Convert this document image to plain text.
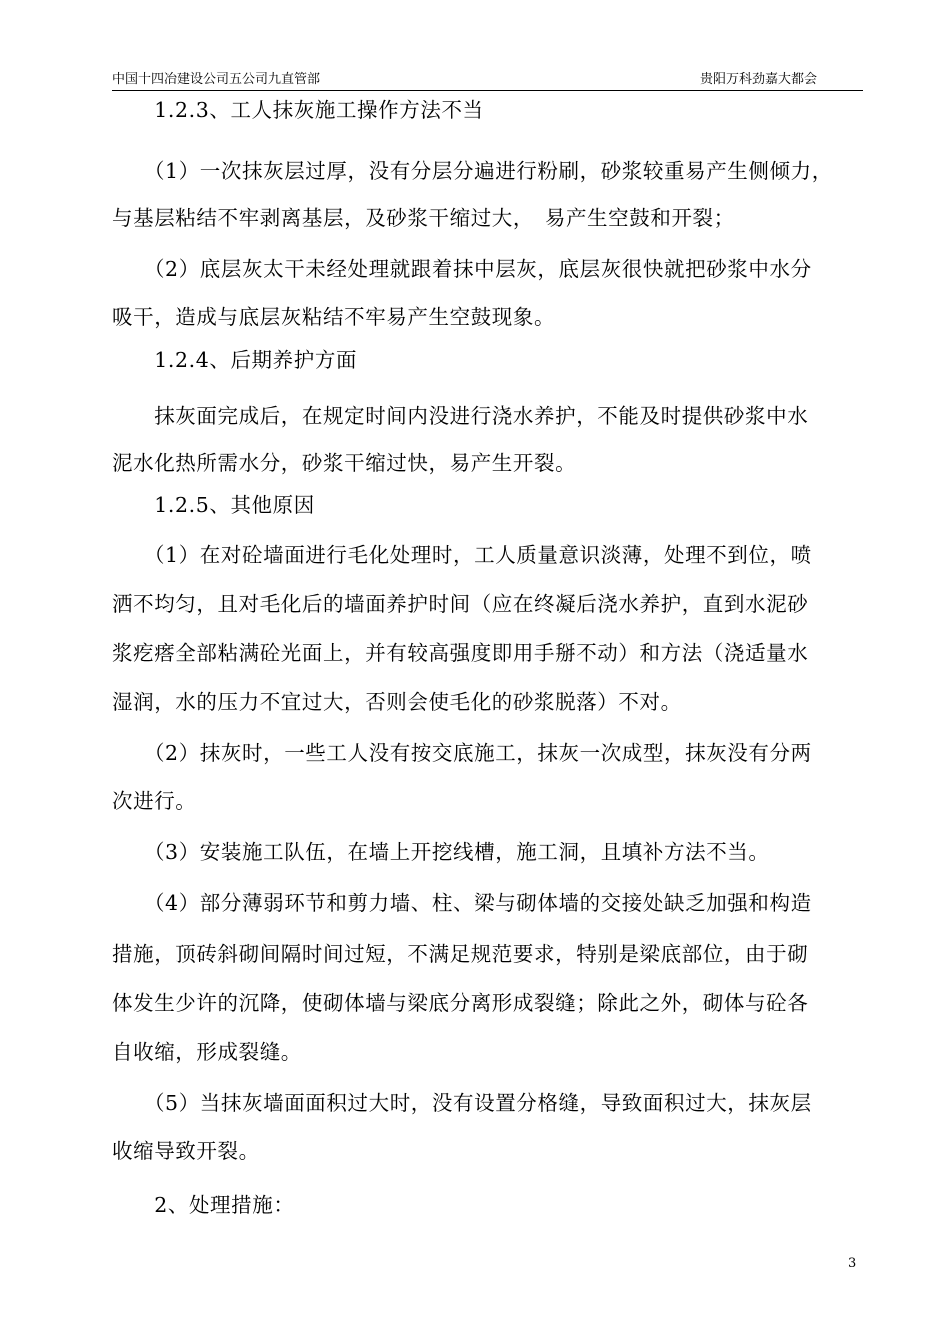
中国十四冶建设公司五公司九直管部	贵阳万科劲嘉大都会
　　1.2.3、工人抹灰施工操作方法不当
　　（1）一次抹灰层过厚，没有分层分遍进行粉刷，砂浆较重易产生侧倾力，
与基层粘结不牢剥离基层，及砂浆干缩过大，　易产生空鼓和开裂；
　　（2）底层灰太干未经处理就跟着抹中层灰，底层灰很快就把砂浆中水分
吸干，造成与底层灰粘结不牢易产生空鼓现象。
　　1.2.4、后期养护方面
　　抹灰面完成后，在规定时间内没进行浇水养护，不能及时提供砂浆中水
泥水化热所需水分，砂浆干缩过快，易产生开裂。
　　1.2.5、其他原因
　　（1）在对砼墙面进行毛化处理时，工人质量意识淡薄，处理不到位，喷
洒不均匀，且对毛化后的墙面养护时间（应在终凝后浇水养护，直到水泥砂
浆疙瘩全部粘满砼光面上，并有较高强度即用手掰不动）和方法（浇适量水
湿润，水的压力不宜过大，否则会使毛化的砂浆脱落）不对。
　　（2）抹灰时，一些工人没有按交底施工，抹灰一次成型，抹灰没有分两
次进行。
　　（3）安装施工队伍，在墙上开挖线槽，施工洞，且填补方法不当。
　　（4）部分薄弱环节和剪力墙、柱、梁与砌体墙的交接处缺乏加强和构造
措施，顶砖斜砌间隔时间过短，不满足规范要求，特别是梁底部位，由于砌
体发生少许的沉降，使砌体墙与梁底分离形成裂缝；除此之外，砌体与砼各
自收缩，形成裂缝。
　　（5）当抹灰墙面面积过大时，没有设置分格缝，导致面积过大，抹灰层
收缩导致开裂。
　　2、处理措施：
3
